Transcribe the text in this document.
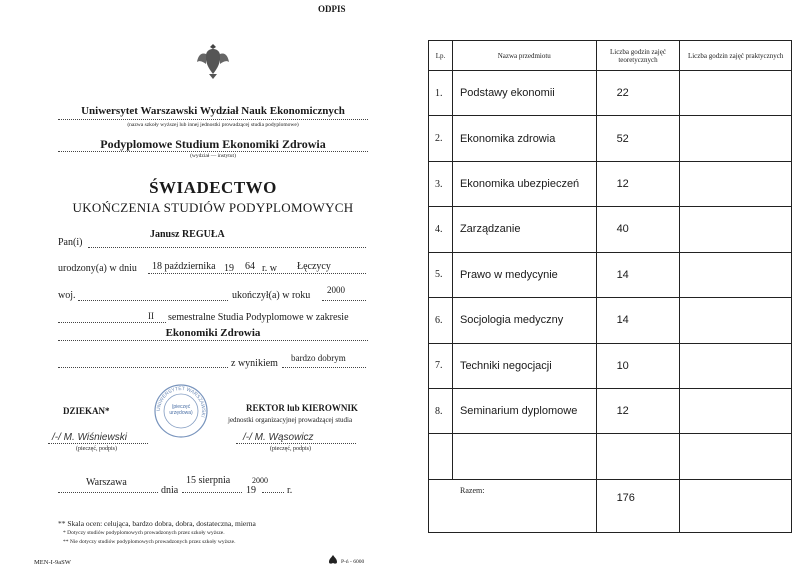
ODPIS
Uniwersytet Warszawski Wydział Nauk Ekonomicznych
(nazwa szkoły wyższej lub innej jednostki prowadzącej studia podyplomowe)
Podyplomowe Studium Ekonomiki Zdrowia
(wydział — instytut)
ŚWIADECTWO
UKOŃCZENIA STUDIÓW PODYPLOMOWYCH
Pan(i)
Janusz REGUŁA
urodzony(a) w dniu 18 października 19 64 r. w Łęczycy
woj.	ukończył(a) w roku 2000
II semestralne Studia Podyplomowe w zakresie
Ekonomiki Zdrowia
z wynikiem bardzo dobrym
UNIWERSYTET WARSZAWSKI
(pieczęć urzędowa)
DZIEKAN*	REKTOR lub KIEROWNIK
jednostki organizacyjnej prowadzącej studia
/-/ M. Wiśniewski
(pieczęć, podpis)
/-/ M. Wąsowicz
(pieczęć, podpis)
Warszawa
dnia
15 sierpnia
19
2000
r.
** Skala ocen: celująca, bardzo dobra, dobra, dostateczna, mierna
* Dotyczy studiów podyplomowych prowadzonych przez szkoły wyższe.
** Nie dotyczy studiów podyplomowych prowadzonych przez szkoły wyższe.
MEN-I-9aSW	P-ń - 6000
Lp.	Nazwa przedmiotu	Liczba godzin zajęć teoretycznych	Liczba godzin zajęć praktycznych
1.	Podstawy ekonomii	22	
2.	Ekonomika zdrowia	52	
3.	Ekonomika ubezpieczeń	12	
4.	Zarządzanie	40	
5.	Prawo w medycynie	14	
6.	Socjologia medyczny	14	
7.	Techniki negocjacji	10	
8.	Seminarium dyplomowe	12	

Razem:		176	
